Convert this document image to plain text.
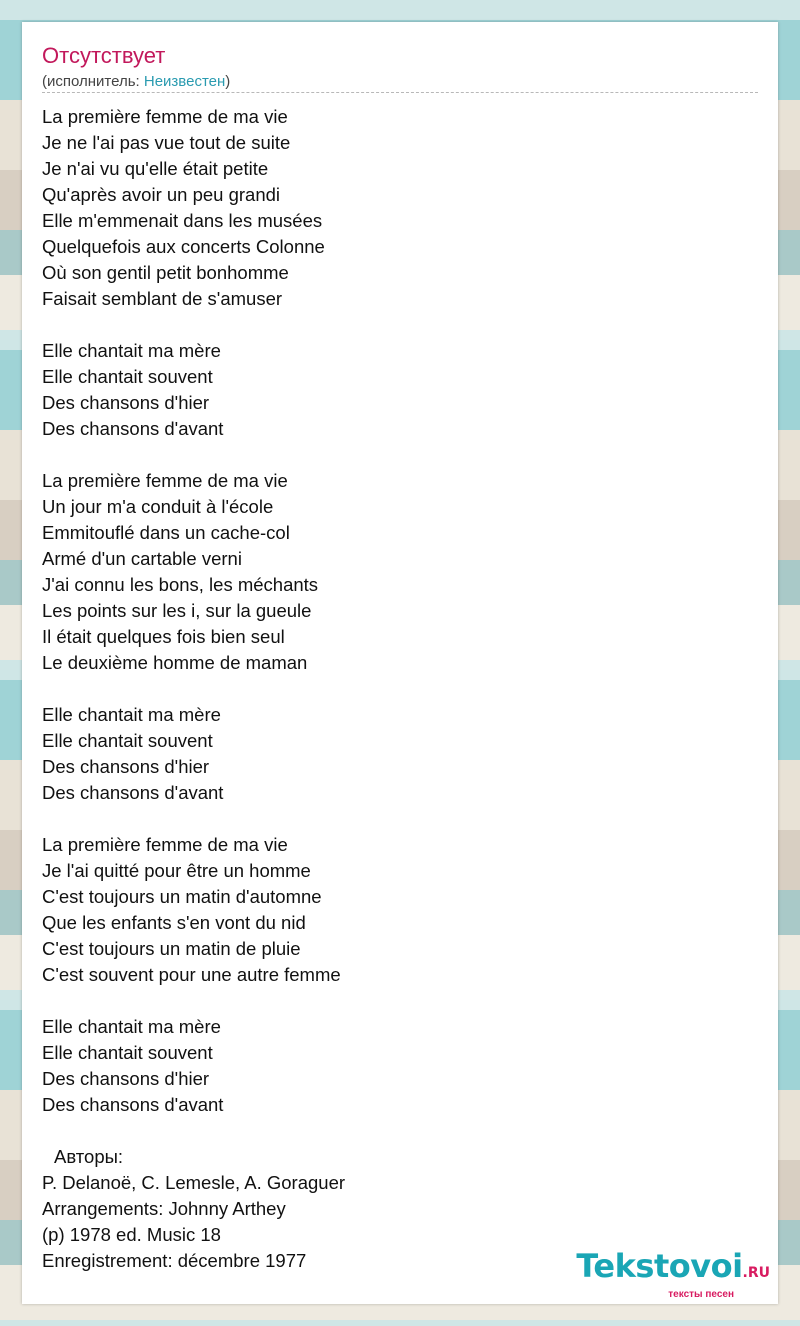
Отсутствует
(исполнитель: Неизвестен)
La première femme de ma vie
Je ne l'ai pas vue tout de suite
Je n'ai vu qu'elle était petite
Qu'après avoir un peu grandi
Elle m'emmenait dans les musées
Quelquefois aux concerts Colonne
Où son gentil petit bonhomme
Faisait semblant de s'amuser
Elle chantait ma mère
Elle chantait souvent
Des chansons d'hier
Des chansons d'avant
La première femme de ma vie
Un jour m'a conduit à l'école
Emmitouflé dans un cache-col
Armé d'un cartable verni
J'ai connu les bons, les méchants
Les points sur les i, sur la gueule
Il était quelques fois bien seul
Le deuxième homme de maman
Elle chantait ma mère
Elle chantait souvent
Des chansons d'hier
Des chansons d'avant
La première femme de ma vie
Je l'ai quitté pour être un homme
C'est toujours un matin d'automne
Que les enfants s'en vont du nid
C'est toujours un matin de pluie
C'est souvent pour une autre femme
Elle chantait ma mère
Elle chantait souvent
Des chansons d'hier
Des chansons d'avant
Авторы:
P. Delanoë, C. Lemesle, A. Goraguer
Arrangements: Johnny Arthey
(p) 1978 ed. Music 18
Enregistrement: décembre 1977	Tekstovoi.RU
тексты песен
